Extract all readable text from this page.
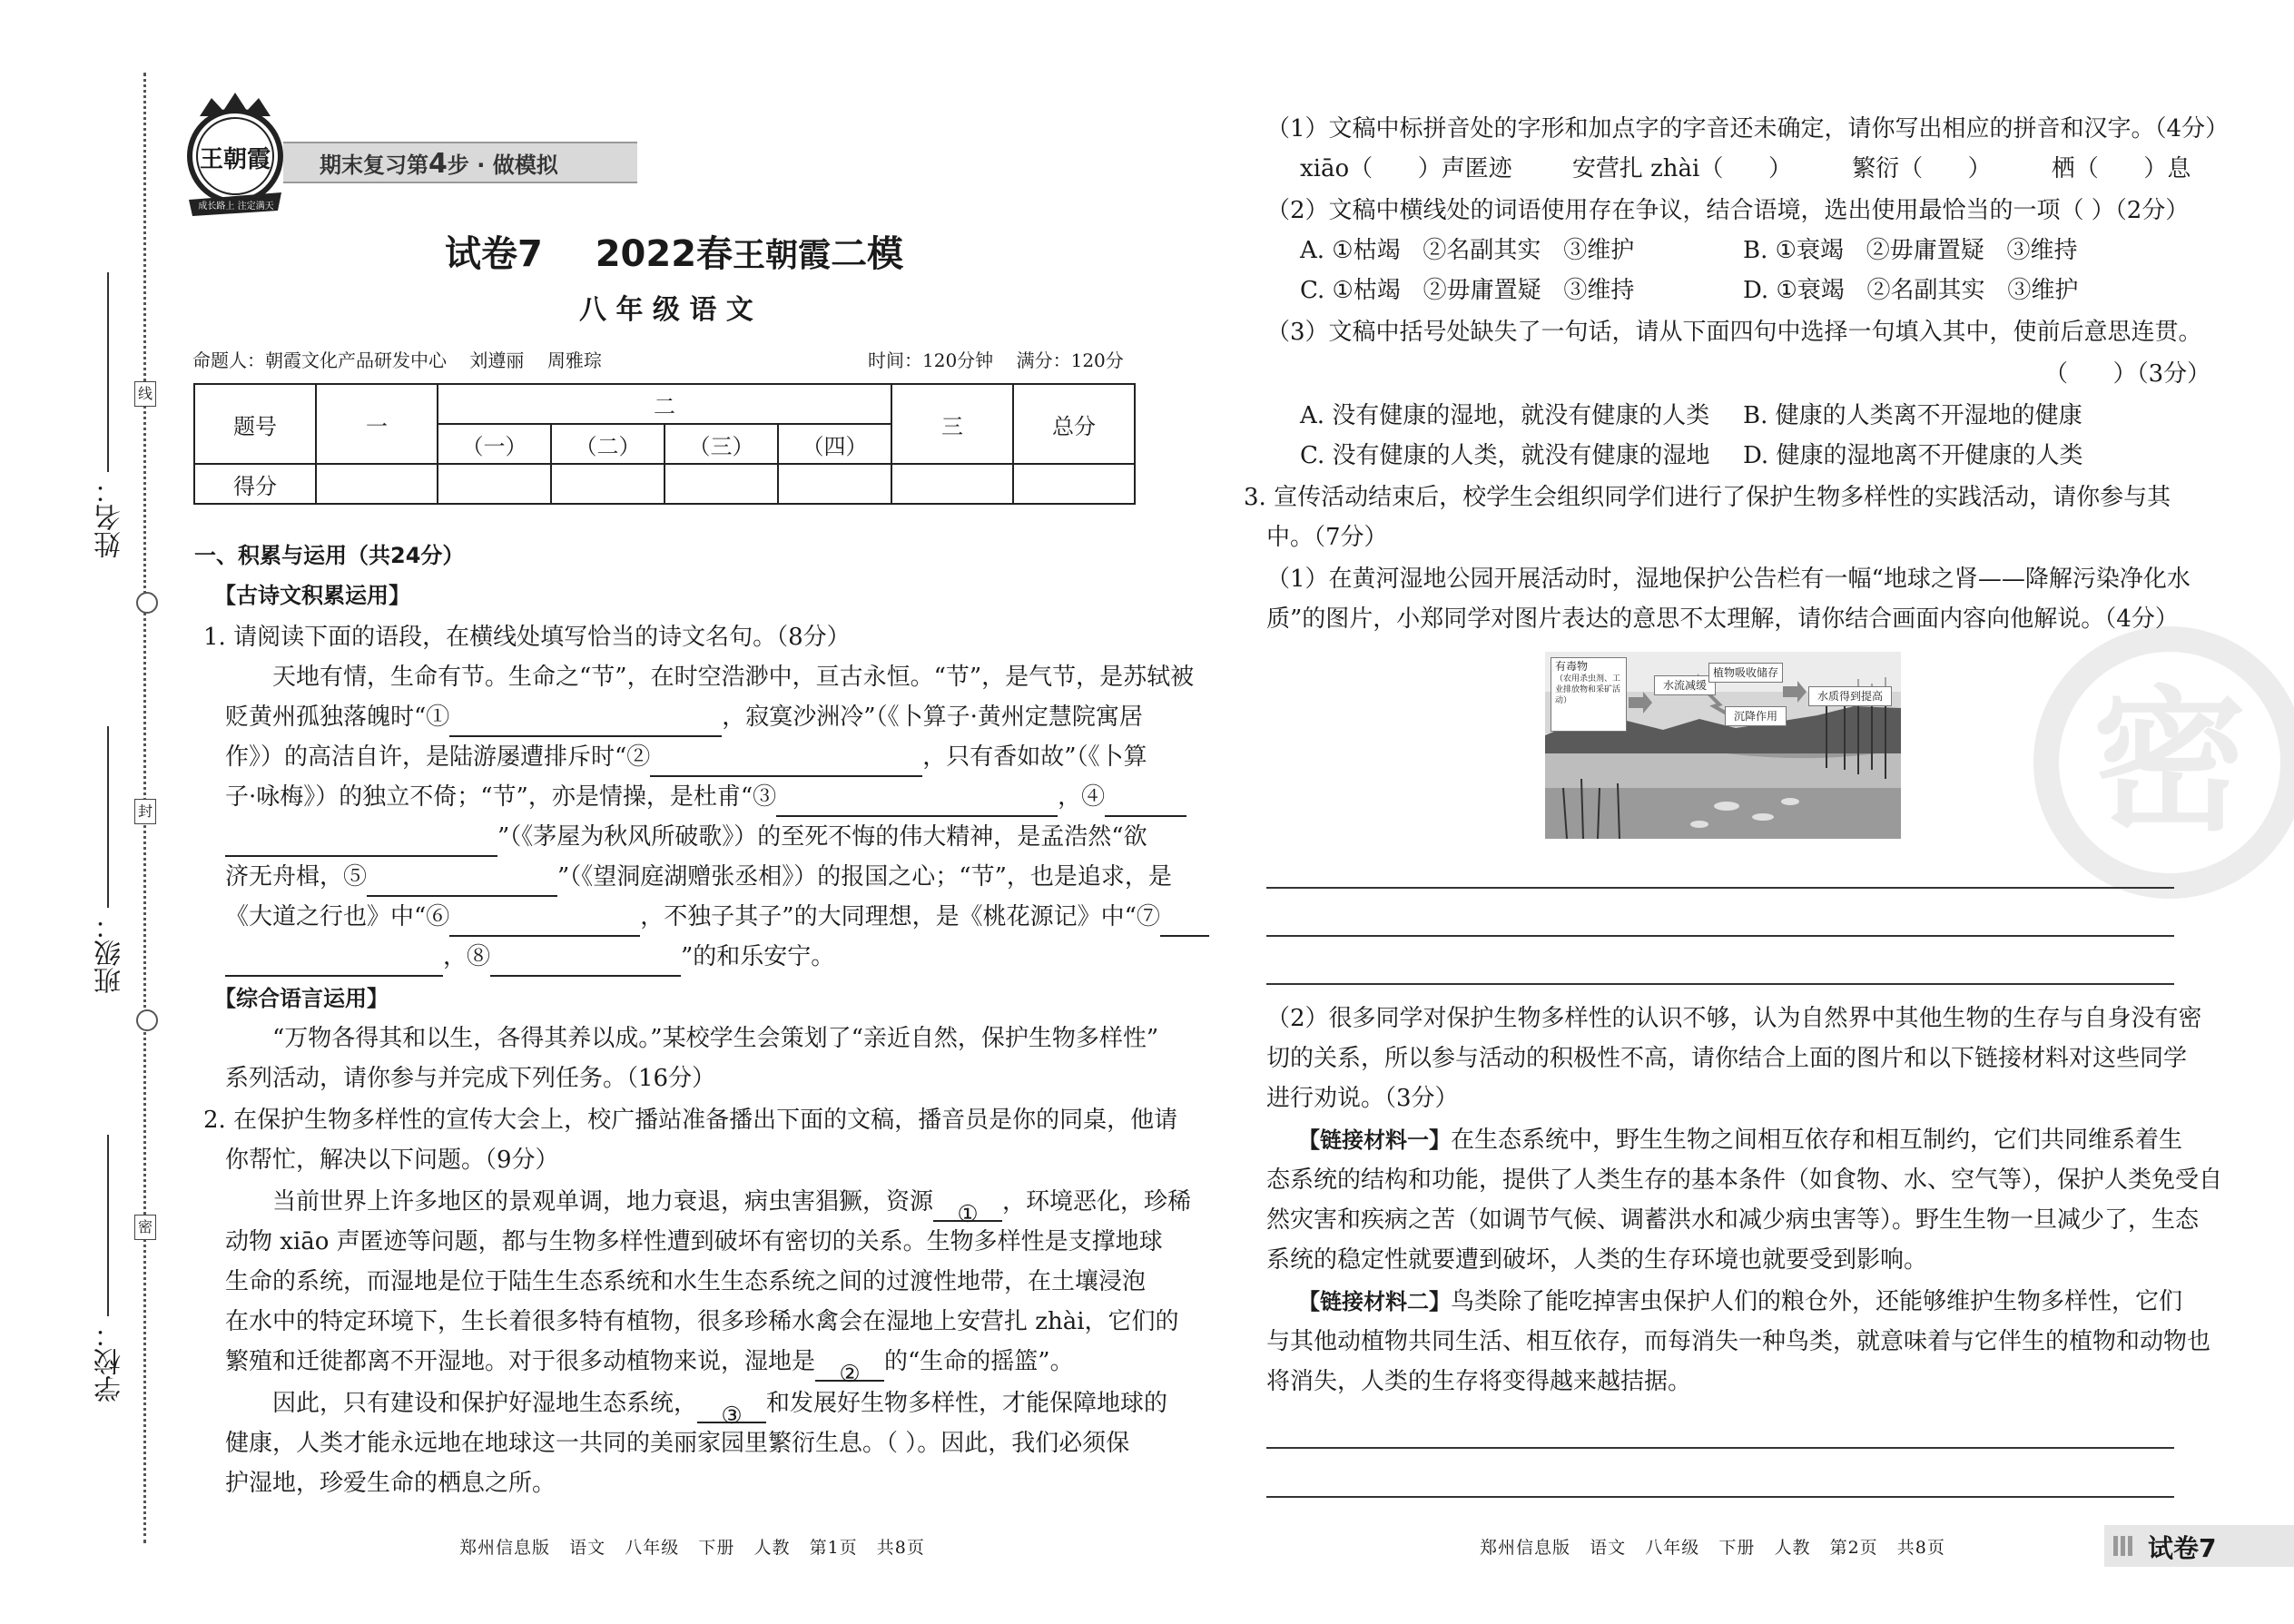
线
封
密
姓名：
班级：
学校：
王朝霞
成长路上 注定满天
期末复习第4步 · 做模拟
试卷7 2022春王朝霞二模
八 年 级 语 文
命题人：朝霞文化产品研发中心    刘遵丽    周雅琮	时间：120分钟    满分：120分
题号	一	二				三	总分
		（一）	（二）	（三）	（四）		
得分							
一、积累与运用（共24分）
【古诗文积累运用】
1. 请阅读下面的语段，在横线处填写恰当的诗文名句。（8分）
天地有情，生命有节。生命之“节”，在时空浩渺中，亘古永恒。“节”，是气节，是苏轼被
贬黄州孤独落魄时“①	，寂寞沙洲冷”（《卜算子·黄州定慧院寓居
作》）的高洁自许，是陆游屡遭排斥时“②	，只有香如故”（《卜算
子·咏梅》）的独立不倚；“节”，亦是情操，是杜甫“③	，④
”（《茅屋为秋风所破歌》）的至死不悔的伟大精神，是孟浩然“欲
济无舟楫，⑤	”（《望洞庭湖赠张丞相》）的报国之心；“节”，也是追求，是
《大道之行也》中“⑥	，不独子其子”的大同理想，是《桃花源记》中“⑦
，⑧	”的和乐安宁。
【综合语言运用】
“万物各得其和以生，各得其养以成。”某校学生会策划了“亲近自然，保护生物多样性”
系列活动，请你参与并完成下列任务。（16分）
2. 在保护生物多样性的宣传大会上，校广播站准备播出下面的文稿，播音员是你的同桌，他请
你帮忙，解决以下问题。（9分）
当前世界上许多地区的景观单调，地力衰退，病虫害猖獗，资源 ① ，环境恶化，珍稀
动物 xiāo 声匿迹等问题，都与生物多样性遭到破坏有密切的关系。生物多样性是支撑地球
生命的系统，而湿地是位于陆生生态系统和水生生态系统之间的过渡性地带，在土壤浸泡
在水中的特定环境下，生长着很多特有植物，很多珍稀水禽会在湿地上安营扎 zhài，它们的
繁殖和迁徙都离不开湿地。对于很多动植物来说，湿地是 ② 的“生命的摇篮”。
因此，只有建设和保护好湿地生态系统， ③ 和发展好生物多样性，才能保障地球的
健康，人类才能永远地在地球这一共同的美丽家园里繁衍生息。（ ）。因此，我们必须保
护湿地，珍爱生命的栖息之所。
郑州信息版   语文   八年级   下册   人教   第1页   共8页
密
（1）文稿中标拼音处的字形和加点字的字音还未确定，请你写出相应的拼音和汉字。（4分）
xiāo（      ）声匿迹        安营扎 zhài（      ）        繁衍（      ）        栖（      ）息
（2）文稿中横线处的词语使用存在争议，结合语境，选出使用最恰当的一项（ ）（2分）
A. ①枯竭   ②名副其实   ③维护	B. ①衰竭   ②毋庸置疑   ③维持
C. ①枯竭   ②毋庸置疑   ③维持	D. ①衰竭   ②名副其实   ③维护
（3）文稿中括号处缺失了一句话，请从下面四句中选择一句填入其中，使前后意思连贯。
（      ）（3分）
A. 没有健康的湿地，就没有健康的人类 B. 健康的人类离不开湿地的健康
C. 没有健康的人类，就没有健康的湿地 D. 健康的湿地离不开健康的人类
3. 宣传活动结束后，校学生会组织同学们进行了保护生物多样性的实践活动，请你参与其
中。（7分）
（1）在黄河湿地公园开展活动时，湿地保护公告栏有一幅“地球之肾——降解污染净化水
质”的图片，小郑同学对图片表达的意思不太理解，请你结合画面内容向他解说。（4分）
有毒物
（农用杀虫剂、工业排放物和采矿活动）
水流减缓
植物吸收储存
沉降作用
水质得到提高
（2）很多同学对保护生物多样性的认识不够，认为自然界中其他生物的生存与自身没有密
切的关系，所以参与活动的积极性不高，请你结合上面的图片和以下链接材料对这些同学
进行劝说。（3分）
【链接材料一】在生态系统中，野生生物之间相互依存和相互制约，它们共同维系着生
态系统的结构和功能，提供了人类生存的基本条件（如食物、水、空气等），保护人类免受自
然灾害和疾病之苦（如调节气候、调蓄洪水和减少病虫害等）。野生生物一旦减少了，生态
系统的稳定性就要遭到破坏，人类的生存环境也就要受到影响。
【链接材料二】鸟类除了能吃掉害虫保护人们的粮仓外，还能够维护生物多样性，它们
与其他动植物共同生活、相互依存，而每消失一种鸟类，就意味着与它伴生的植物和动物也
将消失，人类的生存将变得越来越拮据。
郑州信息版   语文   八年级   下册   人教   第2页   共8页	试卷7
